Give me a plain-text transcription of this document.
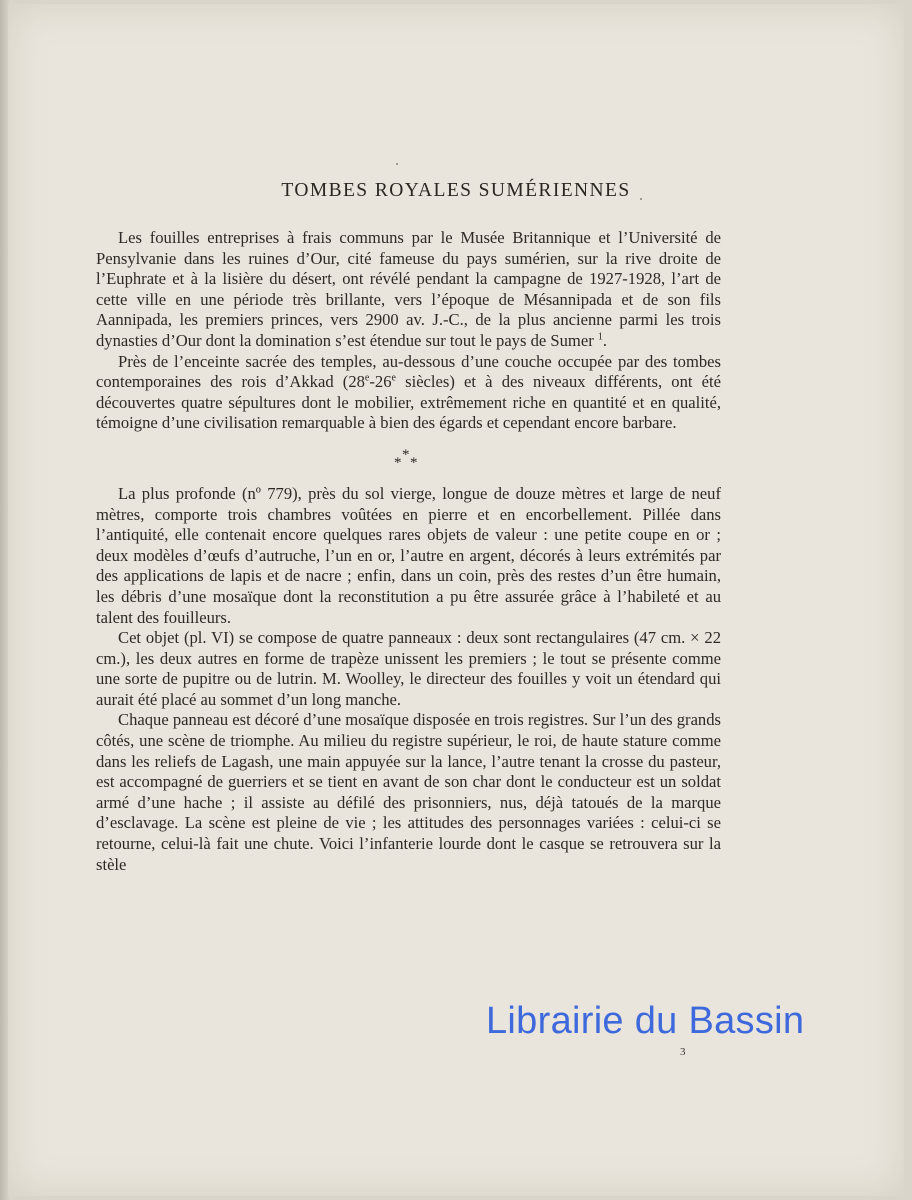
TOMBES ROYALES SUMÉRIENNES

Les fouilles entreprises à frais communs par le Musée Britannique et l’Université de Pensylvanie dans les ruines d’Our, cité fameuse du pays sumérien, sur la rive droite de l’Euphrate et à la lisière du désert, ont révélé pendant la campagne de 1927-1928, l’art de cette ville en une période très brillante, vers l’époque de Mésannipada et de son fils Aannipada, les premiers princes, vers 2900 av. J.-C., de la plus ancienne parmi les trois dynasties d’Our dont la domination s’est étendue sur tout le pays de Sumer $^1$.

Près de l’enceinte sacrée des temples, au-dessous d’une couche occupée par des tombes contemporaines des rois d’Akkad (28e-26e siècles) et à des niveaux différents, ont été découvertes quatre sépultures dont le mobilier, extrêmement riche en quantité et en qualité, témoigne d’une civilisation remarquable à bien des égards et cependant encore barbare.

*
* *

La plus profonde (nº 779), près du sol vierge, longue de douze mètres et large de neuf mètres, comporte trois chambres voûtées en pierre et en encorbellement. Pillée dans l’antiquité, elle contenait encore quelques rares objets de valeur : une petite coupe en or ; deux modèles d’œufs d’autruche, l’un en or, l’autre en argent, décorés à leurs extrémités par des applications de lapis et de nacre ; enfin, dans un coin, près des restes d’un être humain, les débris d’une mosaïque dont la reconstitution a pu être assurée grâce à l’habileté et au talent des fouilleurs.

Cet objet (pl. VI) se compose de quatre panneaux : deux sont rectangulaires (47 cm. × 22 cm.), les deux autres en forme de trapèze unissent les premiers ; le tout se présente comme une sorte de pupitre ou de lutrin. M. Woolley, le directeur des fouilles y voit un étendard qui aurait été placé au sommet d’un long manche.

Chaque panneau est décoré d’une mosaïque disposée en trois registres. Sur l’un des grands côtés, une scène de triomphe. Au milieu du registre supérieur, le roi, de haute stature comme dans les reliefs de Lagash, une main appuyée sur la lance, l’autre tenant la crosse du pasteur, est accompagné de guerriers et se tient en avant de son char dont le conducteur est un soldat armé d’une hache ; il assiste au défilé des prisonniers, nus, déjà tatoués de la marque d’esclavage. La scène est pleine de vie ; les attitudes des personnages variées : celui-ci se retourne, celui-là fait une chute. Voici l’infanterie lourde dont le casque se retrouvera sur la stèle

3
Librairie du Bassin
